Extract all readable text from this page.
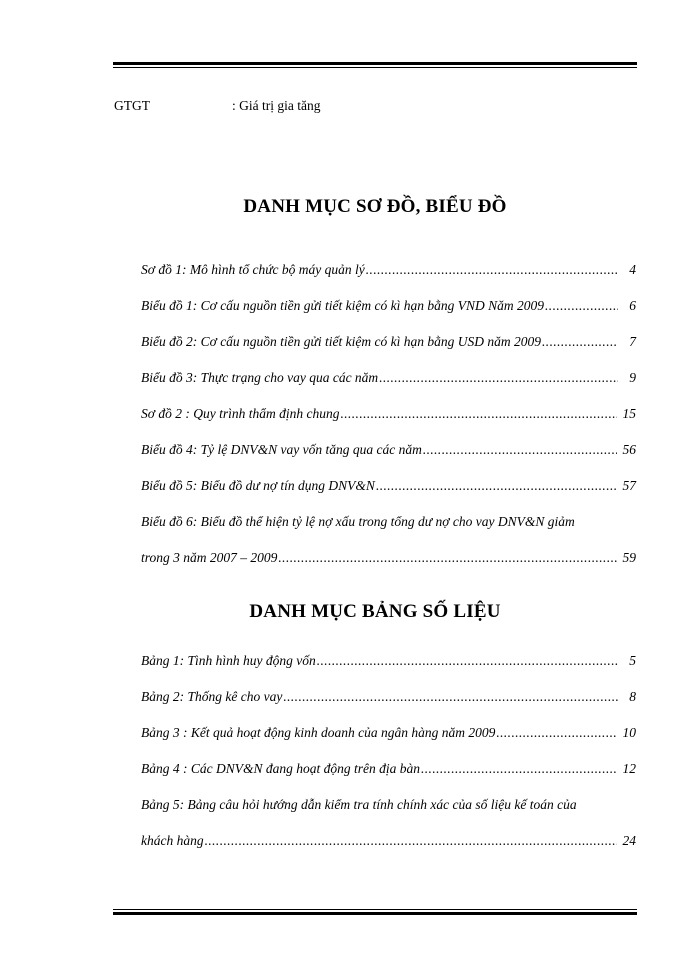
GTGT	: Giá trị gia tăng
DANH MỤC SƠ ĐỒ, BIỂU ĐỒ
Sơ đồ 1: Mô hình tổ chức bộ máy quản lý .....	4
Biểu đồ 1: Cơ cấu nguồn tiền gửi tiết kiệm có kì hạn bằng VND Năm 2009 .....	6
Biểu đồ 2: Cơ cấu nguồn tiền gửi tiết kiệm có kì hạn bằng USD năm 2009 .....	7
Biểu đồ 3: Thực trạng cho vay qua các năm .....	9
Sơ đồ 2 : Quy trình thẩm định chung .....	15
Biểu đồ 4: Tỷ lệ DNV&N vay vốn tăng qua các năm .....	56
Biểu đồ 5: Biểu đồ dư nợ tín dụng DNV&N .....	57
Biểu đồ 6: Biểu đồ thể hiện tỷ lệ nợ xấu trong tổng dư nợ cho vay DNV&N giảm
trong 3 năm 2007 – 2009 .....	59
DANH MỤC BẢNG SỐ LIỆU
Bảng 1: Tình hình huy động vốn .....	5
Bảng 2: Thống kê cho vay .....	8
Bảng 3 : Kết quả hoạt động kinh doanh của ngân hàng năm 2009 .....	10
Bảng 4 : Các DNV&N đang hoạt động trên địa bàn .....	12
Bảng 5: Bảng câu hỏi hướng dẫn kiểm tra tính chính xác của số liệu kế toán của
khách hàng .....	24
